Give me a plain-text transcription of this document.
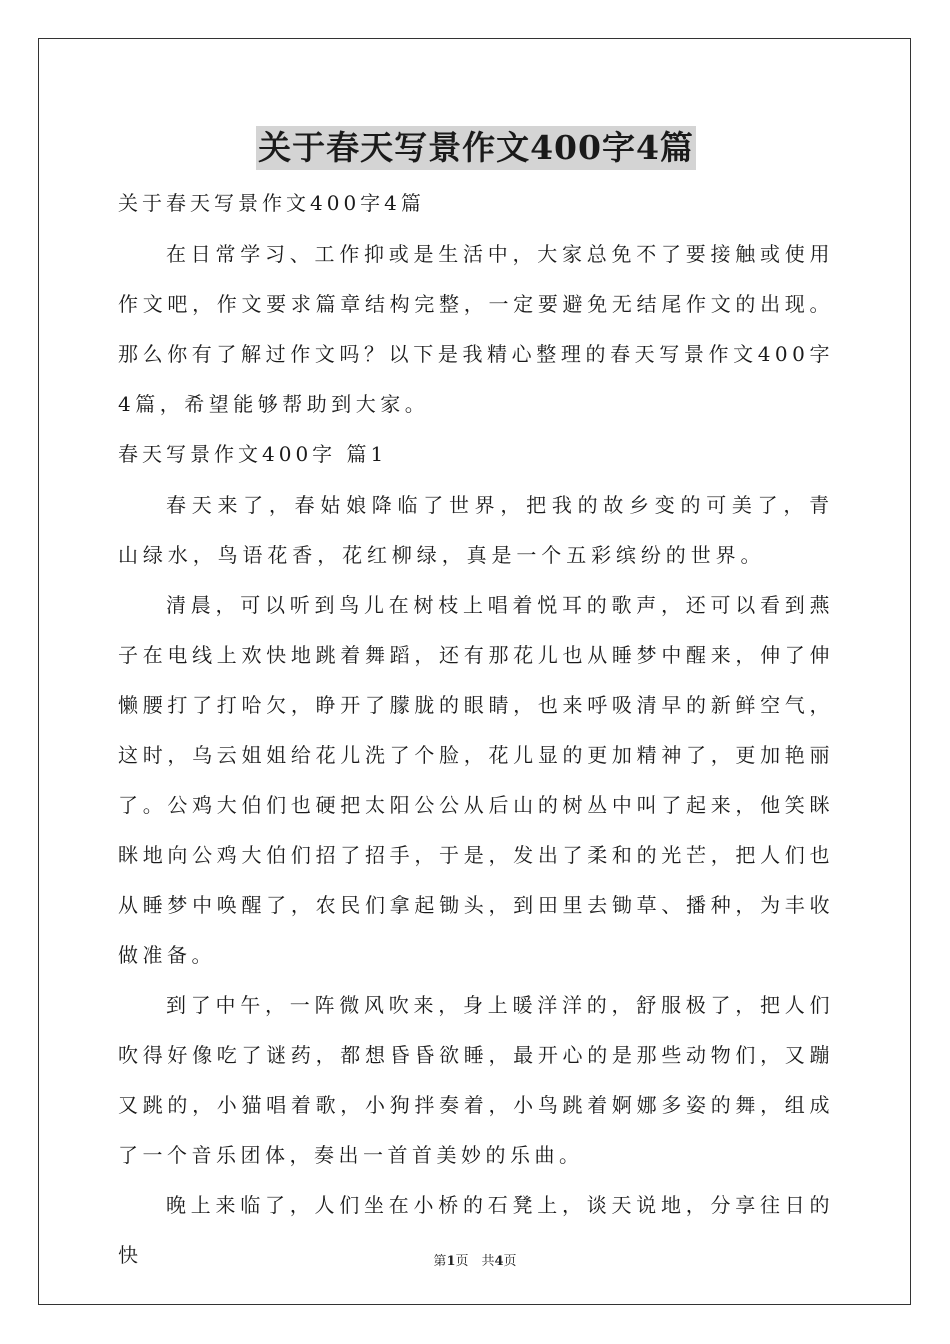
关于春天写景作文400字4篇

关于春天写景作文400字4篇

在日常学习、工作抑或是生活中，大家总免不了要接触或使用作文吧，作文要求篇章结构完整，一定要避免无结尾作文的出现。那么你有了解过作文吗？以下是我精心整理的春天写景作文400字4篇，希望能够帮助到大家。

春天写景作文400字 篇1

春天来了，春姑娘降临了世界，把我的故乡变的可美了，青山绿水，鸟语花香，花红柳绿，真是一个五彩缤纷的世界。

清晨，可以听到鸟儿在树枝上唱着悦耳的歌声，还可以看到燕子在电线上欢快地跳着舞蹈，还有那花儿也从睡梦中醒来，伸了伸懒腰打了打哈欠，睁开了朦胧的眼睛，也来呼吸清早的新鲜空气，这时，乌云姐姐给花儿洗了个脸，花儿显的更加精神了，更加艳丽了。公鸡大伯们也硬把太阳公公从后山的树丛中叫了起来，他笑眯眯地向公鸡大伯们招了招手，于是，发出了柔和的光芒，把人们也从睡梦中唤醒了，农民们拿起锄头，到田里去锄草、播种，为丰收做准备。

到了中午，一阵微风吹来，身上暖洋洋的，舒服极了，把人们吹得好像吃了谜药，都想昏昏欲睡，最开心的是那些动物们，又蹦又跳的，小猫唱着歌，小狗拌奏着，小鸟跳着婀娜多姿的舞，组成了一个音乐团体，奏出一首首美妙的乐曲。

晚上来临了，人们坐在小桥的石凳上，谈天说地，分享往日的快	第1页　共4页
